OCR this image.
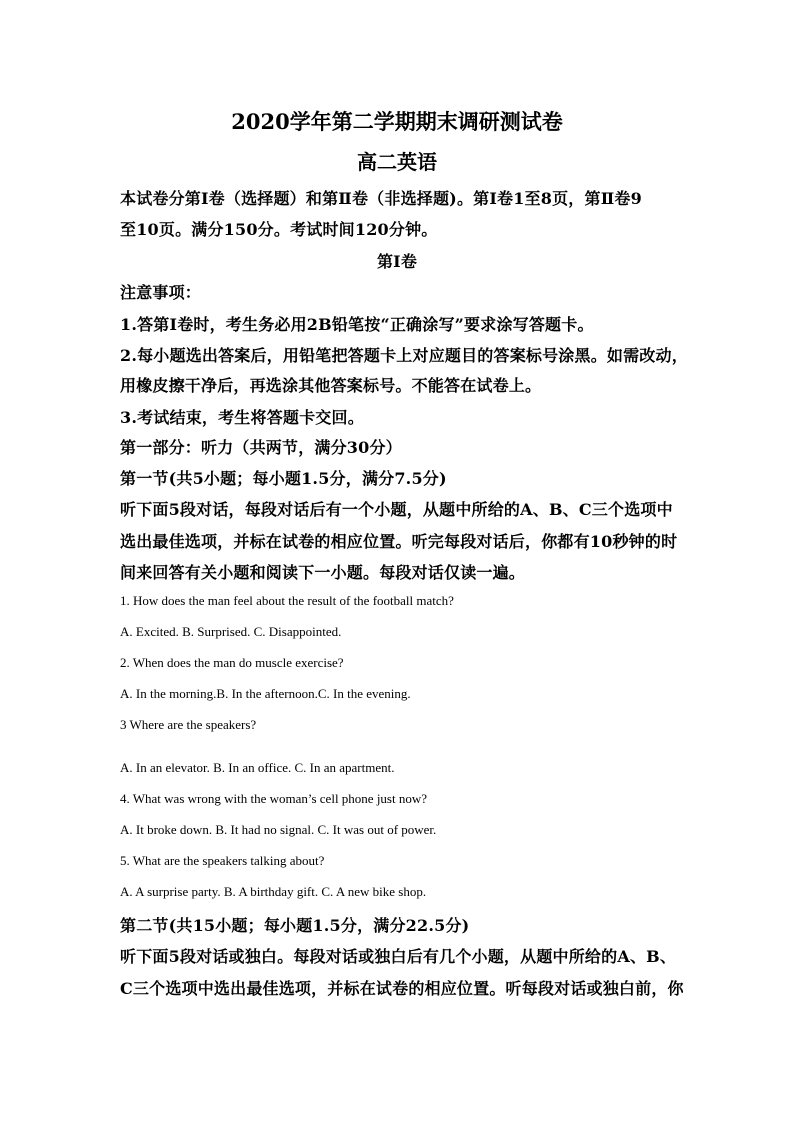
2020学年第二学期期末调研测试卷
高二英语
本试卷分第Ⅰ卷（选择题）和第Ⅱ卷（非选择题)。第Ⅰ卷1至8页，第Ⅱ卷9
至10页。满分150分。考试时间120分钟。
第Ⅰ卷
注意事项：
1.答第Ⅰ卷时，考生务必用2B铅笔按“正确涂写”要求涂写答题卡。
2.每小题选出答案后，用铅笔把答题卡上对应题目的答案标号涂黑。如需改动，
用橡皮擦干净后，再选涂其他答案标号。不能答在试卷上。
3.考试结束，考生将答题卡交回。
第一部分：听力（共两节，满分30分）
第一节(共5小题；每小题1.5分，满分7.5分)
听下面5段对话，每段对话后有一个小题，从题中所给的A、B、C三个选项中
选出最佳选项，并标在试卷的相应位置。听完每段对话后，你都有10秒钟的时
间来回答有关小题和阅读下一小题。每段对话仅读一遍。
1. How does the man feel about the result of the football match?
A. Excited. B. Surprised. C. Disappointed.
2. When does the man do muscle exercise?
A. In the morning.B. In the afternoon.C. In the evening.
3 Where are the speakers?
A. In an elevator. B. In an office. C. In an apartment.
4. What was wrong with the woman’s cell phone just now?
A. It broke down. B. It had no signal. C. It was out of power.
5. What are the speakers talking about?
A. A surprise party. B. A birthday gift. C. A new bike shop.
第二节(共15小题；每小题1.5分，满分22.5分)
听下面5段对话或独白。每段对话或独白后有几个小题，从题中所给的A、B、
C三个选项中选出最佳选项，并标在试卷的相应位置。听每段对话或独白前，你
